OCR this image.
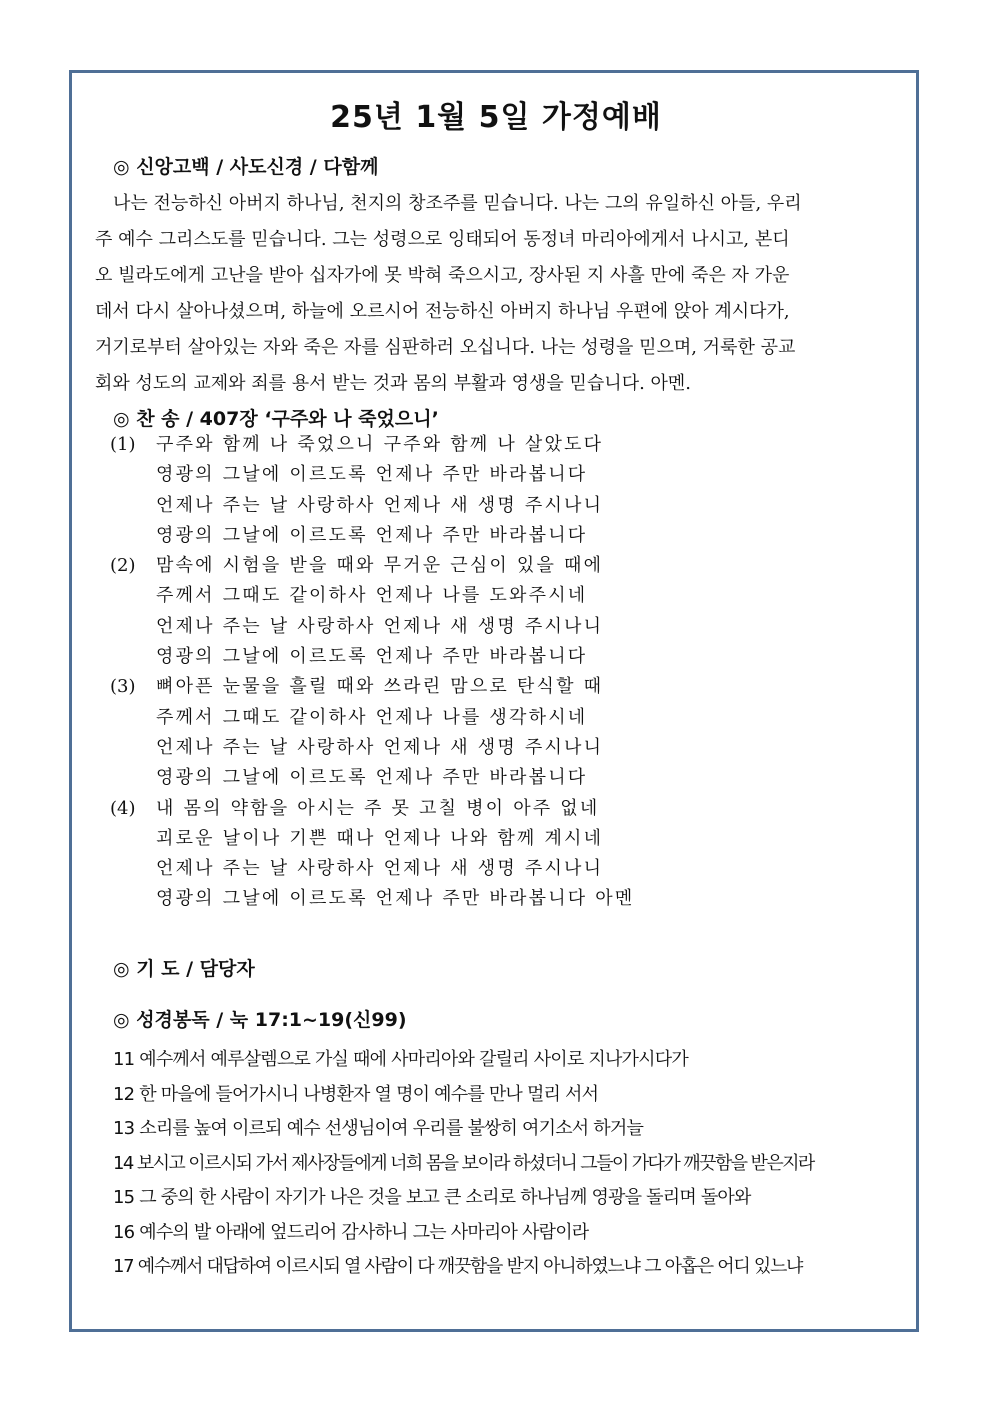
25년 1월 5일 가정예배
◎ 신앙고백 / 사도신경 / 다함께
나는 전능하신 아버지 하나님, 천지의 창조주를 믿습니다. 나는 그의 유일하신 아들, 우리
주 예수 그리스도를 믿습니다. 그는 성령으로 잉태되어 동정녀 마리아에게서 나시고, 본디
오 빌라도에게 고난을 받아 십자가에 못 박혀 죽으시고, 장사된 지 사흘 만에 죽은 자 가운
데서 다시 살아나셨으며, 하늘에 오르시어 전능하신 아버지 하나님 우편에 앉아 계시다가,
거기로부터 살아있는 자와 죽은 자를 심판하러 오십니다. 나는 성령을 믿으며, 거룩한 공교
회와 성도의 교제와 죄를 용서 받는 것과 몸의 부활과 영생을 믿습니다. 아멘.
◎ 찬 송 / 407장 ‘구주와 나 죽었으니’
(1) 구주와 함께 나 죽었으니 구주와 함께 나 살았도다
영광의 그날에 이르도록 언제나 주만 바라봅니다
언제나 주는 날 사랑하사 언제나 새 생명 주시나니
영광의 그날에 이르도록 언제나 주만 바라봅니다
(2) 맘속에 시험을 받을 때와 무거운 근심이 있을 때에
주께서 그때도 같이하사 언제나 나를 도와주시네
언제나 주는 날 사랑하사 언제나 새 생명 주시나니
영광의 그날에 이르도록 언제나 주만 바라봅니다
(3) 뼈아픈 눈물을 흘릴 때와 쓰라린 맘으로 탄식할 때
주께서 그때도 같이하사 언제나 나를 생각하시네
언제나 주는 날 사랑하사 언제나 새 생명 주시나니
영광의 그날에 이르도록 언제나 주만 바라봅니다
(4) 내 몸의 약함을 아시는 주 못 고칠 병이 아주 없네
괴로운 날이나 기쁜 때나 언제나 나와 함께 계시네
언제나 주는 날 사랑하사 언제나 새 생명 주시나니
영광의 그날에 이르도록 언제나 주만 바라봅니다 아멘
◎ 기 도 / 담당자
◎ 성경봉독 / 눅 17:1~19(신99)
11 예수께서 예루살렘으로 가실 때에 사마리아와 갈릴리 사이로 지나가시다가
12 한 마을에 들어가시니 나병환자 열 명이 예수를 만나 멀리 서서
13 소리를 높여 이르되 예수 선생님이여 우리를 불쌍히 여기소서 하거늘
14 보시고 이르시되 가서 제사장들에게 너희 몸을 보이라 하셨더니 그들이 가다가 깨끗함을 받은지라
15 그 중의 한 사람이 자기가 나은 것을 보고 큰 소리로 하나님께 영광을 돌리며 돌아와
16 예수의 발 아래에 엎드리어 감사하니 그는 사마리아 사람이라
17 예수께서 대답하여 이르시되 열 사람이 다 깨끗함을 받지 아니하였느냐 그 아홉은 어디 있느냐
